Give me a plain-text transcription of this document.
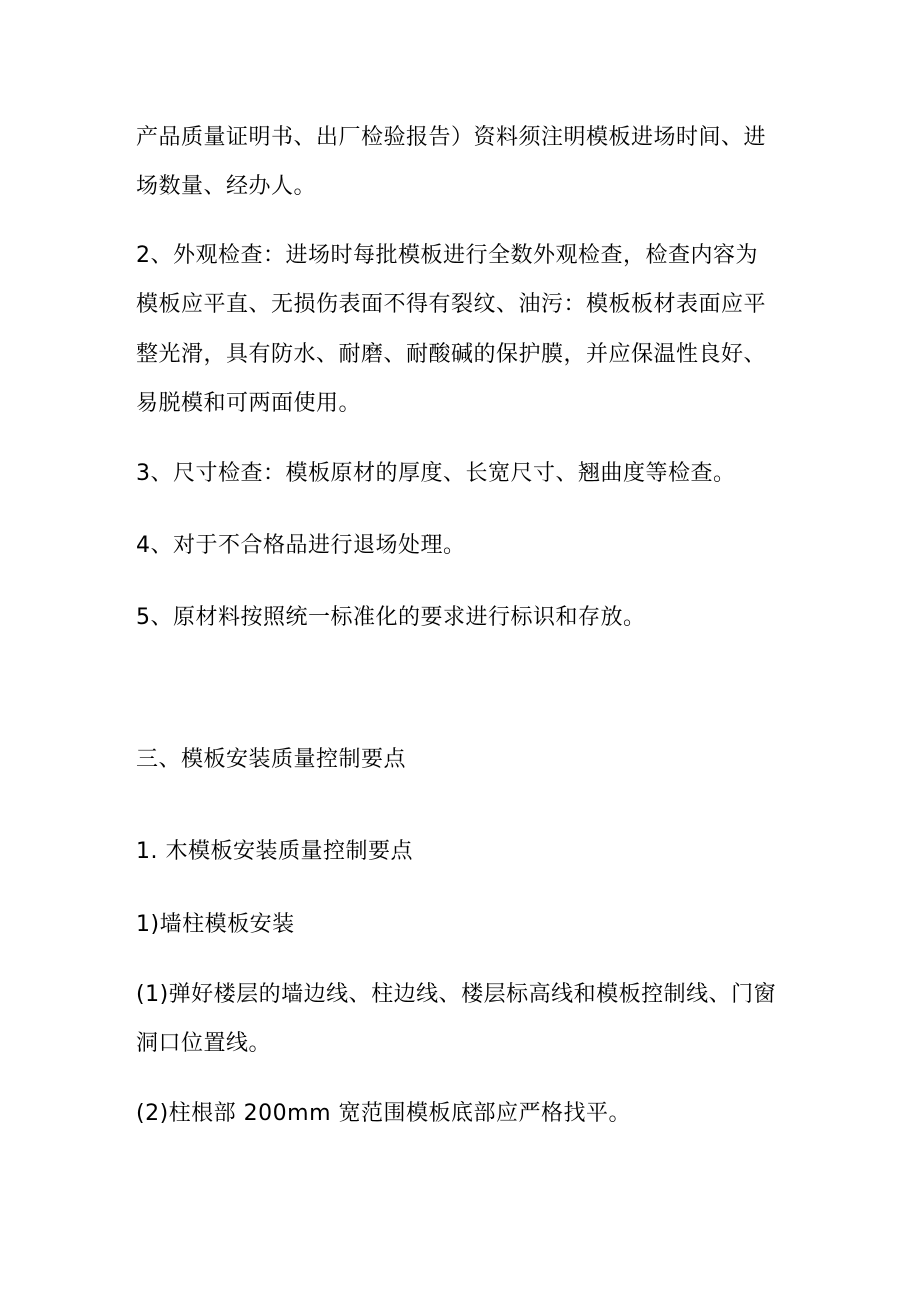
产品质量证明书、出厂检验报告）资料须注明模板进场时间、进
场数量、经办人。
2、外观检查：进场时每批模板进行全数外观检查，检查内容为
模板应平直、无损伤表面不得有裂纹、油污：模板板材表面应平
整光滑，具有防水、耐磨、耐酸碱的保护膜，并应保温性良好、
易脱模和可两面使用。
3、尺寸检查：模板原材的厚度、长宽尺寸、翘曲度等检查。
4、对于不合格品进行退场处理。
5、原材料按照统一标准化的要求进行标识和存放。
三、模板安装质量控制要点
1. 木模板安装质量控制要点
1)墙柱模板安装
(1)弹好楼层的墙边线、柱边线、楼层标高线和模板控制线、门窗
洞口位置线。
(2)柱根部 200mm 宽范围模板底部应严格找平。
